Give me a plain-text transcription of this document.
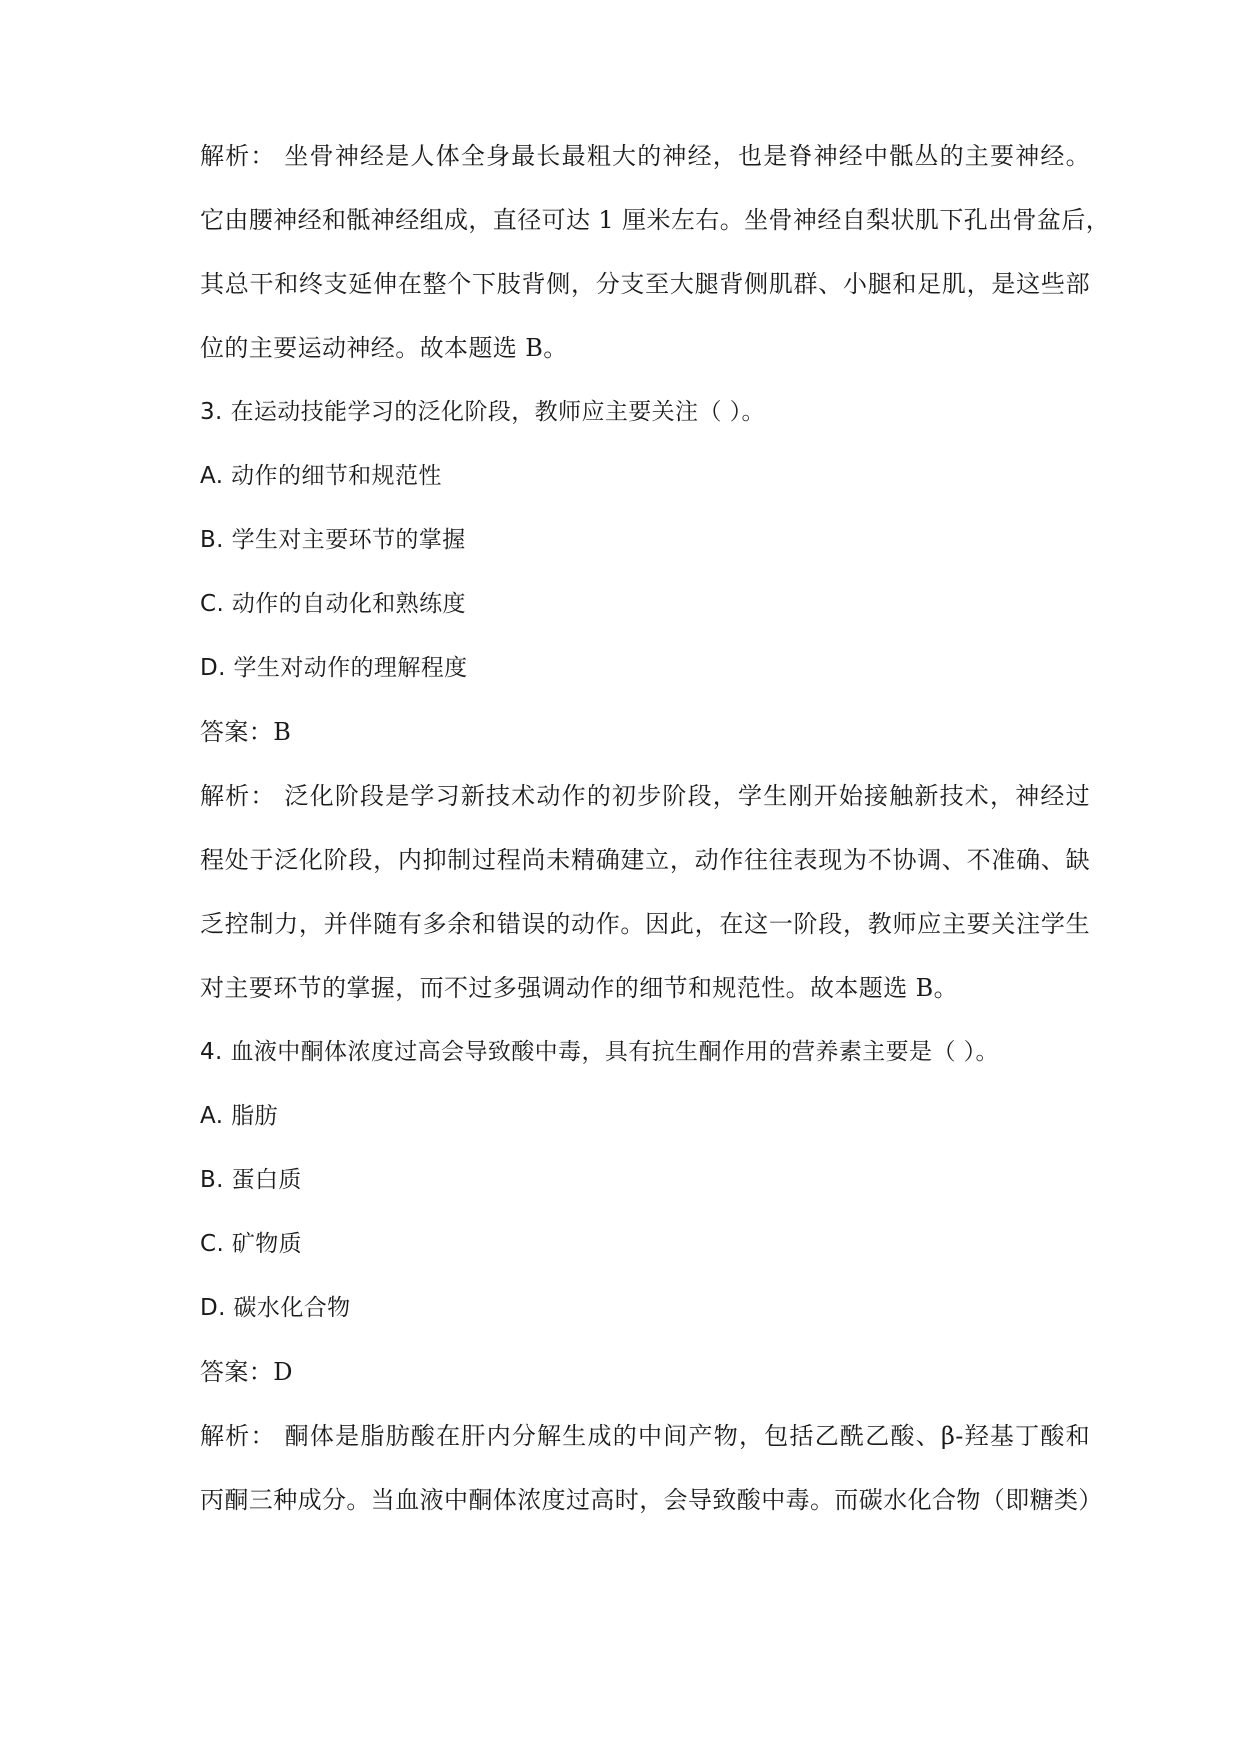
解析： 坐骨神经是人体全身最长最粗大的神经，也是脊神经中骶丛的主要神经。
它由腰神经和骶神经组成，直径可达 1 厘米左右。坐骨神经自梨状肌下孔出骨盆后，
其总干和终支延伸在整个下肢背侧，分支至大腿背侧肌群、小腿和足肌，是这些部
位的主要运动神经。故本题选 B。
3. 在运动技能学习的泛化阶段，教师应主要关注（ ）。
A. 动作的细节和规范性
B. 学生对主要环节的掌握
C. 动作的自动化和熟练度
D. 学生对动作的理解程度
答案：B
解析： 泛化阶段是学习新技术动作的初步阶段，学生刚开始接触新技术，神经过
程处于泛化阶段，内抑制过程尚未精确建立，动作往往表现为不协调、不准确、缺
乏控制力，并伴随有多余和错误的动作。因此，在这一阶段，教师应主要关注学生
对主要环节的掌握，而不过多强调动作的细节和规范性。故本题选 B。
4. 血液中酮体浓度过高会导致酸中毒，具有抗生酮作用的营养素主要是（ ）。
A. 脂肪
B. 蛋白质
C. 矿物质
D. 碳水化合物
答案：D
解析： 酮体是脂肪酸在肝内分解生成的中间产物，包括乙酰乙酸、β-羟基丁酸和
丙酮三种成分。当血液中酮体浓度过高时，会导致酸中毒。而碳水化合物（即糖类）
